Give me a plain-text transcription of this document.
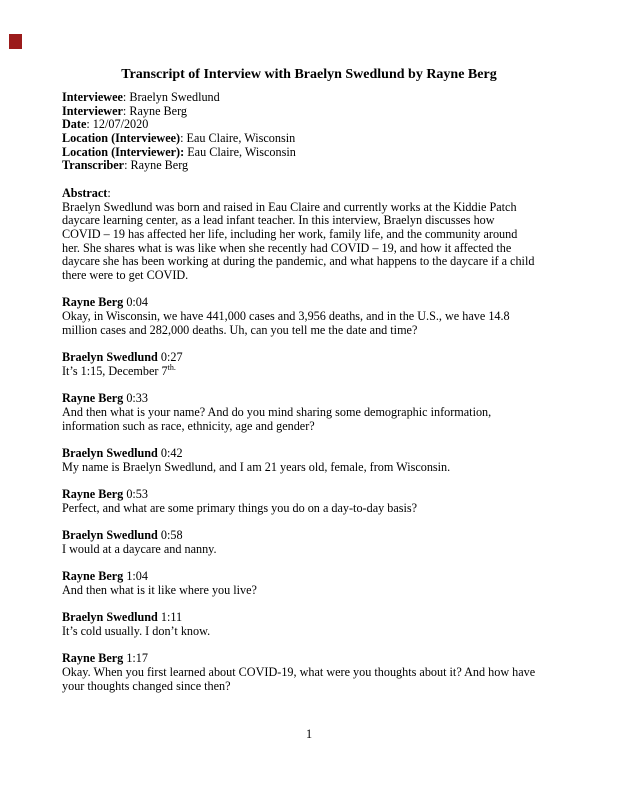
Transcript of Interview with Braelyn Swedlund by Rayne Berg
Interviewee: Braelyn Swedlund
Interviewer: Rayne Berg
Date: 12/07/2020
Location (Interviewee): Eau Claire, Wisconsin
Location (Interviewer): Eau Claire, Wisconsin
Transcriber: Rayne Berg
Abstract:
Braelyn Swedlund was born and raised in Eau Claire and currently works at the Kiddie Patch
daycare learning center, as a lead infant teacher. In this interview, Braelyn discusses how
COVID – 19 has affected her life, including her work, family life, and the community around
her. She shares what is was like when she recently had COVID – 19, and how it affected the
daycare she has been working at during the pandemic, and what happens to the daycare if a child
there were to get COVID.
Rayne Berg 0:04
Okay, in Wisconsin, we have 441,000 cases and 3,956 deaths, and in the U.S., we have 14.8
million cases and 282,000 deaths. Uh, can you tell me the date and time?
Braelyn Swedlund 0:27
It’s 1:15, December $7^{th.}$
Rayne Berg 0:33
And then what is your name? And do you mind sharing some demographic information,
information such as race, ethnicity, age and gender?
Braelyn Swedlund 0:42
My name is Braelyn Swedlund, and I am 21 years old, female, from Wisconsin.
Rayne Berg 0:53
Perfect, and what are some primary things you do on a day-to-day basis?
Braelyn Swedlund 0:58
I would at a daycare and nanny.
Rayne Berg 1:04
And then what is it like where you live?
Braelyn Swedlund 1:11
It’s cold usually. I don’t know.
Rayne Berg 1:17
Okay. When you first learned about COVID-19, what were you thoughts about it? And how have
your thoughts changed since then?
1
